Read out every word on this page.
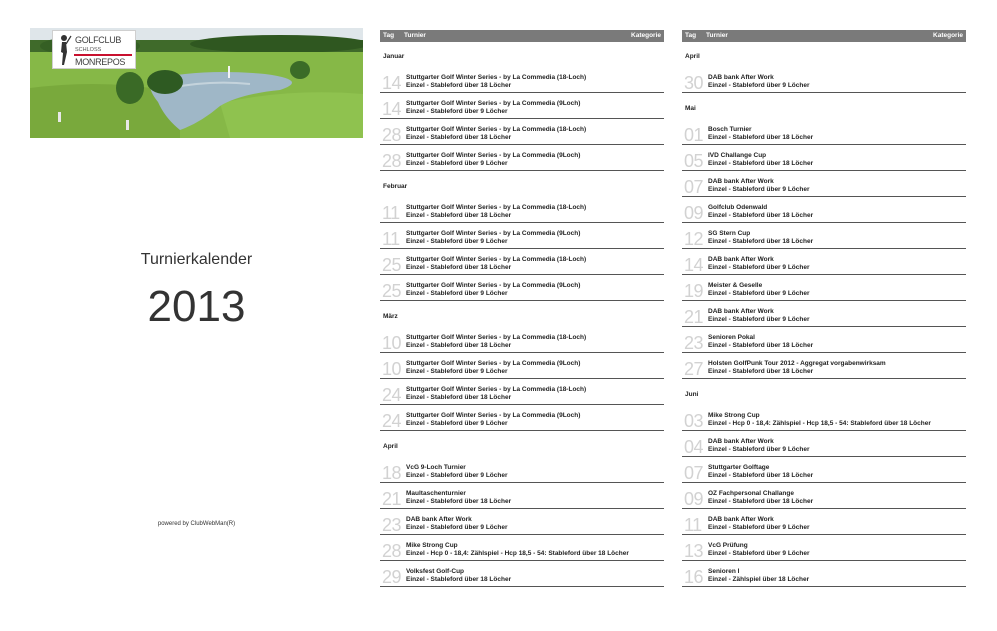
GOLFCLUB
SCHLOSS
MONREPOS
Turnierkalender
2013
powered by ClubWebMan(R)
Tag Turnier	Kategorie
Januar
14 Stuttgarter Golf Winter Series - by La Commedia (18-Loch)
Einzel - Stableford über 18 Löcher
14 Stuttgarter Golf Winter Series - by La Commedia (9Loch)
Einzel - Stableford über 9 Löcher
28 Stuttgarter Golf Winter Series - by La Commedia (18-Loch)
Einzel - Stableford über 18 Löcher
28 Stuttgarter Golf Winter Series - by La Commedia (9Loch)
Einzel - Stableford über 9 Löcher
Februar
11 Stuttgarter Golf Winter Series - by La Commedia (18-Loch)
Einzel - Stableford über 18 Löcher
11 Stuttgarter Golf Winter Series - by La Commedia (9Loch)
Einzel - Stableford über 9 Löcher
25 Stuttgarter Golf Winter Series - by La Commedia (18-Loch)
Einzel - Stableford über 18 Löcher
25 Stuttgarter Golf Winter Series - by La Commedia (9Loch)
Einzel - Stableford über 9 Löcher
März
10 Stuttgarter Golf Winter Series - by La Commedia (18-Loch)
Einzel - Stableford über 18 Löcher
10 Stuttgarter Golf Winter Series - by La Commedia (9Loch)
Einzel - Stableford über 9 Löcher
24 Stuttgarter Golf Winter Series - by La Commedia (18-Loch)
Einzel - Stableford über 18 Löcher
24 Stuttgarter Golf Winter Series - by La Commedia (9Loch)
Einzel - Stableford über 9 Löcher
April
18 VcG 9-Loch Turnier
Einzel - Stableford über 9 Löcher
21 Maultaschenturnier
Einzel - Stableford über 18 Löcher
23 DAB bank After Work
Einzel - Stableford über 9 Löcher
28 Mike Strong Cup
Einzel - Hcp 0 - 18,4: Zählspiel - Hcp 18,5 - 54: Stableford über 18 Löcher
29 Volksfest Golf-Cup
Einzel - Stableford über 18 Löcher
Tag Turnier	Kategorie
April
30 DAB bank After Work
Einzel - Stableford über 9 Löcher
Mai
01 Bosch Turnier
Einzel - Stableford über 18 Löcher
05 IVD Challange Cup
Einzel - Stableford über 18 Löcher
07 DAB bank After Work
Einzel - Stableford über 9 Löcher
09 Golfclub Odenwald
Einzel - Stableford über 18 Löcher
12 SG Stern Cup
Einzel - Stableford über 18 Löcher
14 DAB bank After Work
Einzel - Stableford über 9 Löcher
19 Meister & Geselle
Einzel - Stableford über 9 Löcher
21 DAB bank After Work
Einzel - Stableford über 9 Löcher
23 Senioren Pokal
Einzel - Stableford über 18 Löcher
27 Holsten GolfPunk Tour 2012 - Aggregat vorgabenwirksam
Einzel - Stableford über 18 Löcher
Juni
03 Mike Strong Cup
Einzel - Hcp 0 - 18,4: Zählspiel - Hcp 18,5 - 54: Stableford über 18 Löcher
04 DAB bank After Work
Einzel - Stableford über 9 Löcher
07 Stuttgarter Golftage
Einzel - Stableford über 18 Löcher
09 OZ Fachpersonal Challange
Einzel - Stableford über 18 Löcher
11 DAB bank After Work
Einzel - Stableford über 9 Löcher
13 VcG Prüfung
Einzel - Stableford über 9 Löcher
16 Senioren I
Einzel - Zählspiel über 18 Löcher
